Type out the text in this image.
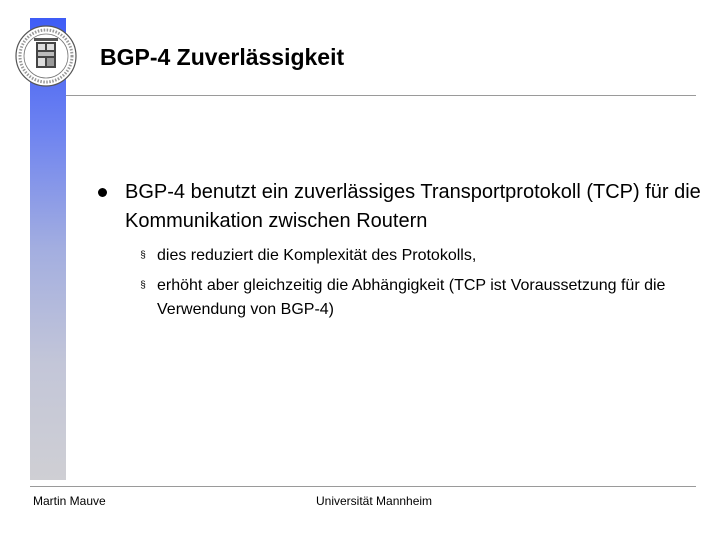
BGP-4 Zuverlässigkeit
BGP-4 benutzt ein zuverlässiges Transportprotokoll (TCP) für die Kommunikation zwischen Routern
§ dies reduziert die Komplexität des Protokolls,
§ erhöht aber gleichzeitig die Abhängigkeit (TCP ist Voraussetzung für die Verwendung von BGP-4)
Martin Mauve	Universität Mannheim
